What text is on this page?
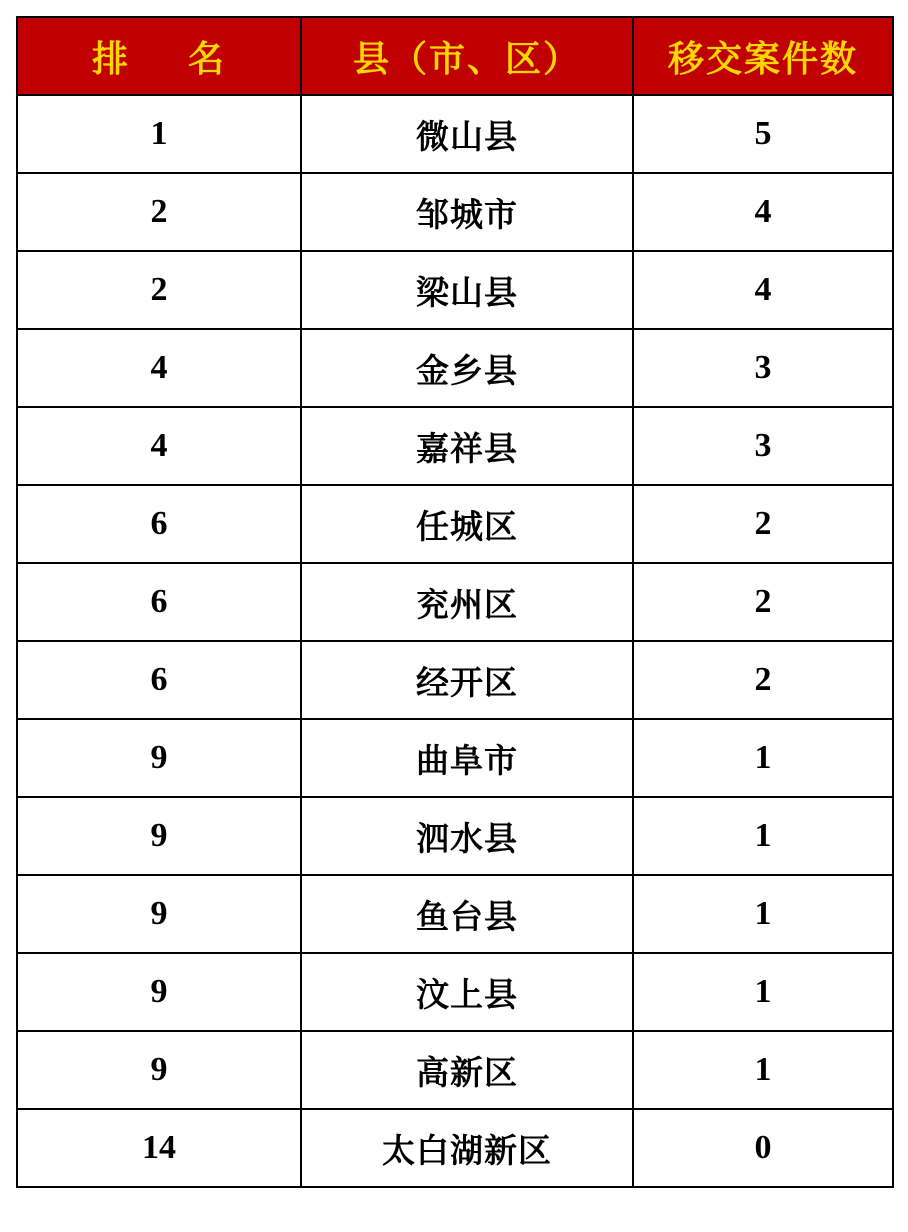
排 名	县（市、区）	移交案件数
1	微山县	5
2	邹城市	4
2	梁山县	4
4	金乡县	3
4	嘉祥县	3
6	任城区	2
6	兖州区	2
6	经开区	2
9	曲阜市	1
9	泗水县	1
9	鱼台县	1
9	汶上县	1
9	高新区	1
14	太白湖新区	0
